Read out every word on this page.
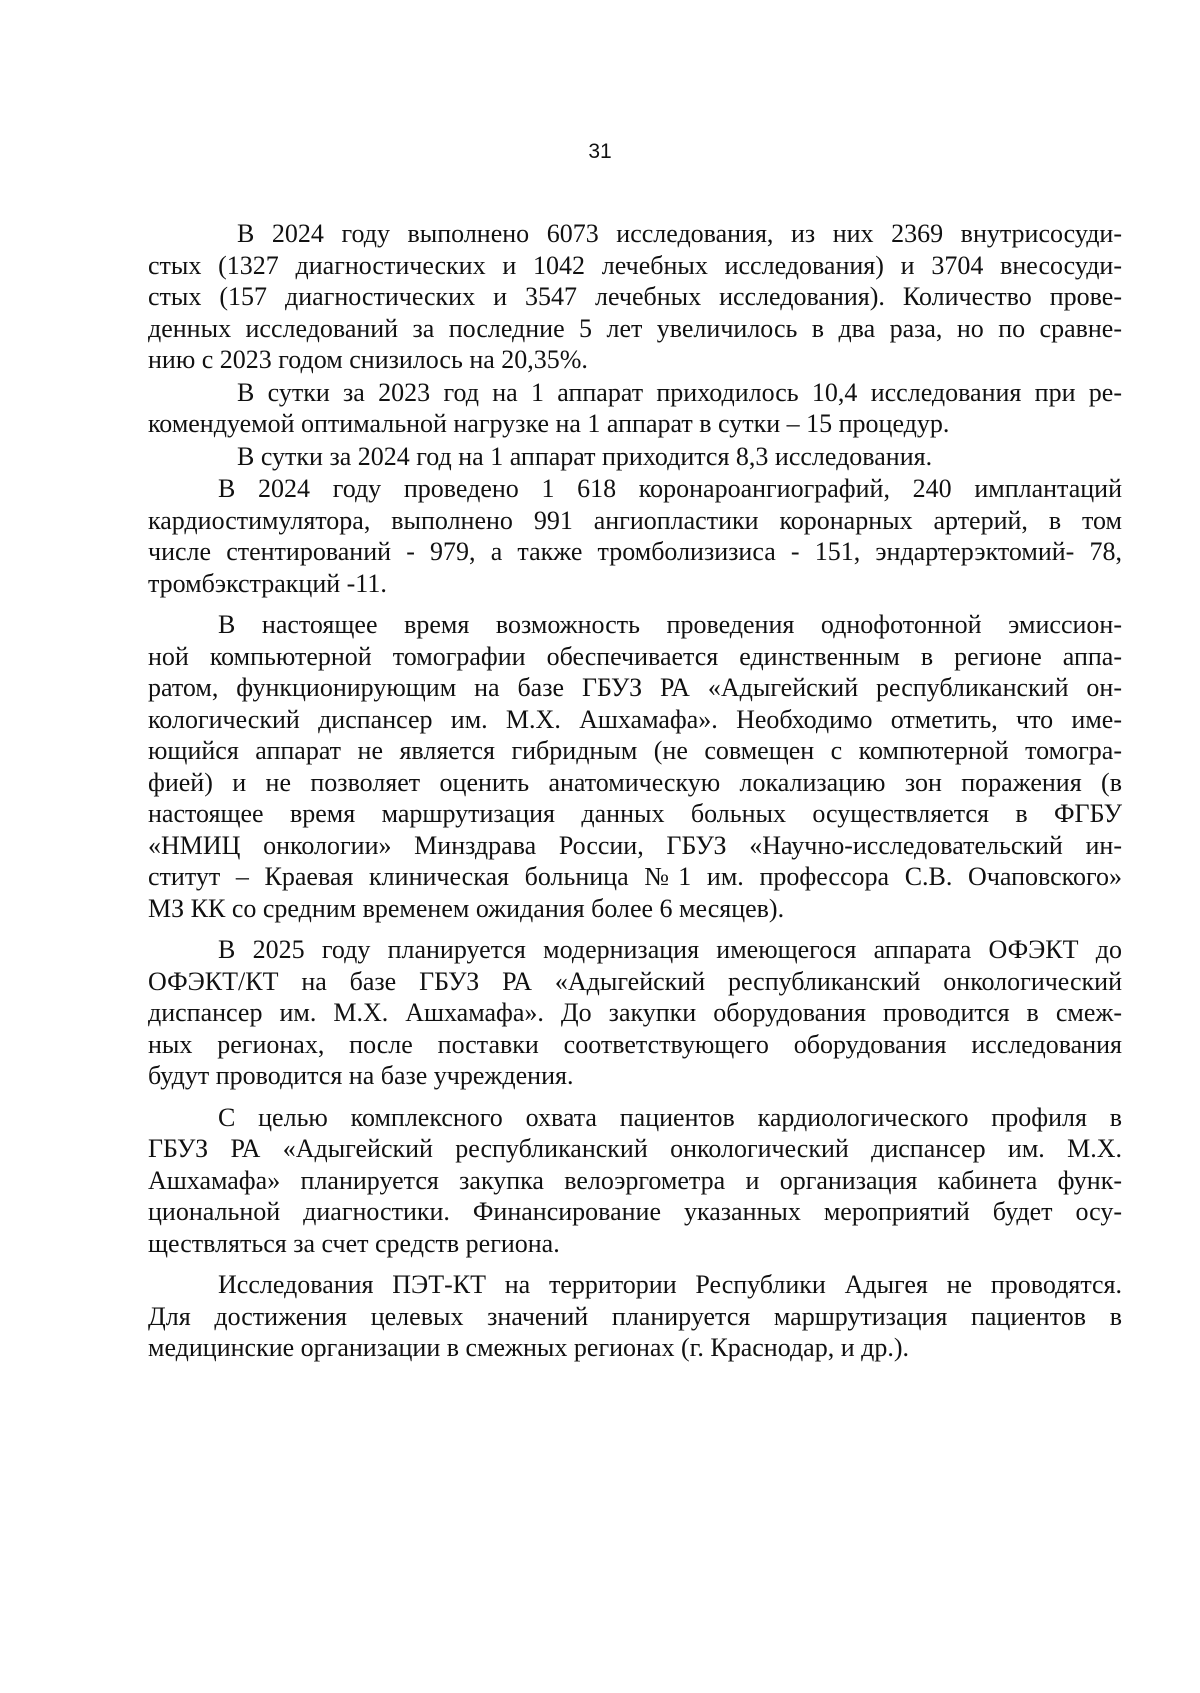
31

В 2024 году выполнено 6073 исследования, из них 2369 внутрисосуди-
стых (1327 диагностических и 1042 лечебных исследования) и 3704 внесосуди-
стых (157 диагностических и 3547 лечебных исследования). Количество прове-
денных исследований за последние 5 лет увеличилось в два раза, но по сравне-
нию с 2023 годом снизилось на 20,35%.

В сутки за 2023 год на 1 аппарат приходилось 10,4 исследования при ре-
комендуемой оптимальной нагрузке на 1 аппарат в сутки – 15 процедур.

В сутки за 2024 год на 1 аппарат приходится 8,3 исследования.

В 2024 году проведено 1 618 коронароангиографий, 240 имплантаций
кардиостимулятора, выполнено 991 ангиопластики коронарных артерий, в том
числе стентирований - 979, а также тромболизизиса - 151, эндартерэктомий- 78,
тромбэкстракций -11.

В настоящее время возможность проведения однофотонной эмиссион-
ной компьютерной томографии обеспечивается единственным в регионе аппа-
ратом, функционирующим на базе ГБУЗ РА «Адыгейский республиканский он-
кологический диспансер им. М.Х. Ашхамафа». Необходимо отметить, что име-
ющийся аппарат не является гибридным (не совмещен с компютерной томогра-
фией) и не позволяет оценить анатомическую локализацию зон поражения (в
настоящее время маршрутизация данных больных осуществляется в ФГБУ
«НМИЦ онкологии» Минздрава России, ГБУЗ «Научно-исследовательский ин-
ститут – Краевая клиническая больница №1 им. профессора С.В. Очаповского»
МЗ КК со средним временем ожидания более 6 месяцев).

В 2025 году планируется модернизация имеющегося аппарата ОФЭКТ до
ОФЭКТ/КТ на базе ГБУЗ РА «Адыгейский республиканский онкологический
диспансер им. М.Х. Ашхамафа». До закупки оборудования проводится в смеж-
ных регионах, после поставки соответствующего оборудования исследования
будут проводится на базе учреждения.

С целью комплексного охвата пациентов кардиологического профиля в
ГБУЗ РА «Адыгейский республиканский онкологический диспансер им. М.Х.
Ашхамафа» планируется закупка велоэргометра и организация кабинета функ-
циональной диагностики. Финансирование указанных мероприятий будет осу-
ществляться за счет средств региона.

Исследования ПЭТ-КТ на территории Республики Адыгея не проводятся.
Для достижения целевых значений планируется маршрутизация пациентов в
медицинские организации в смежных регионах (г. Краснодар, и др.).
